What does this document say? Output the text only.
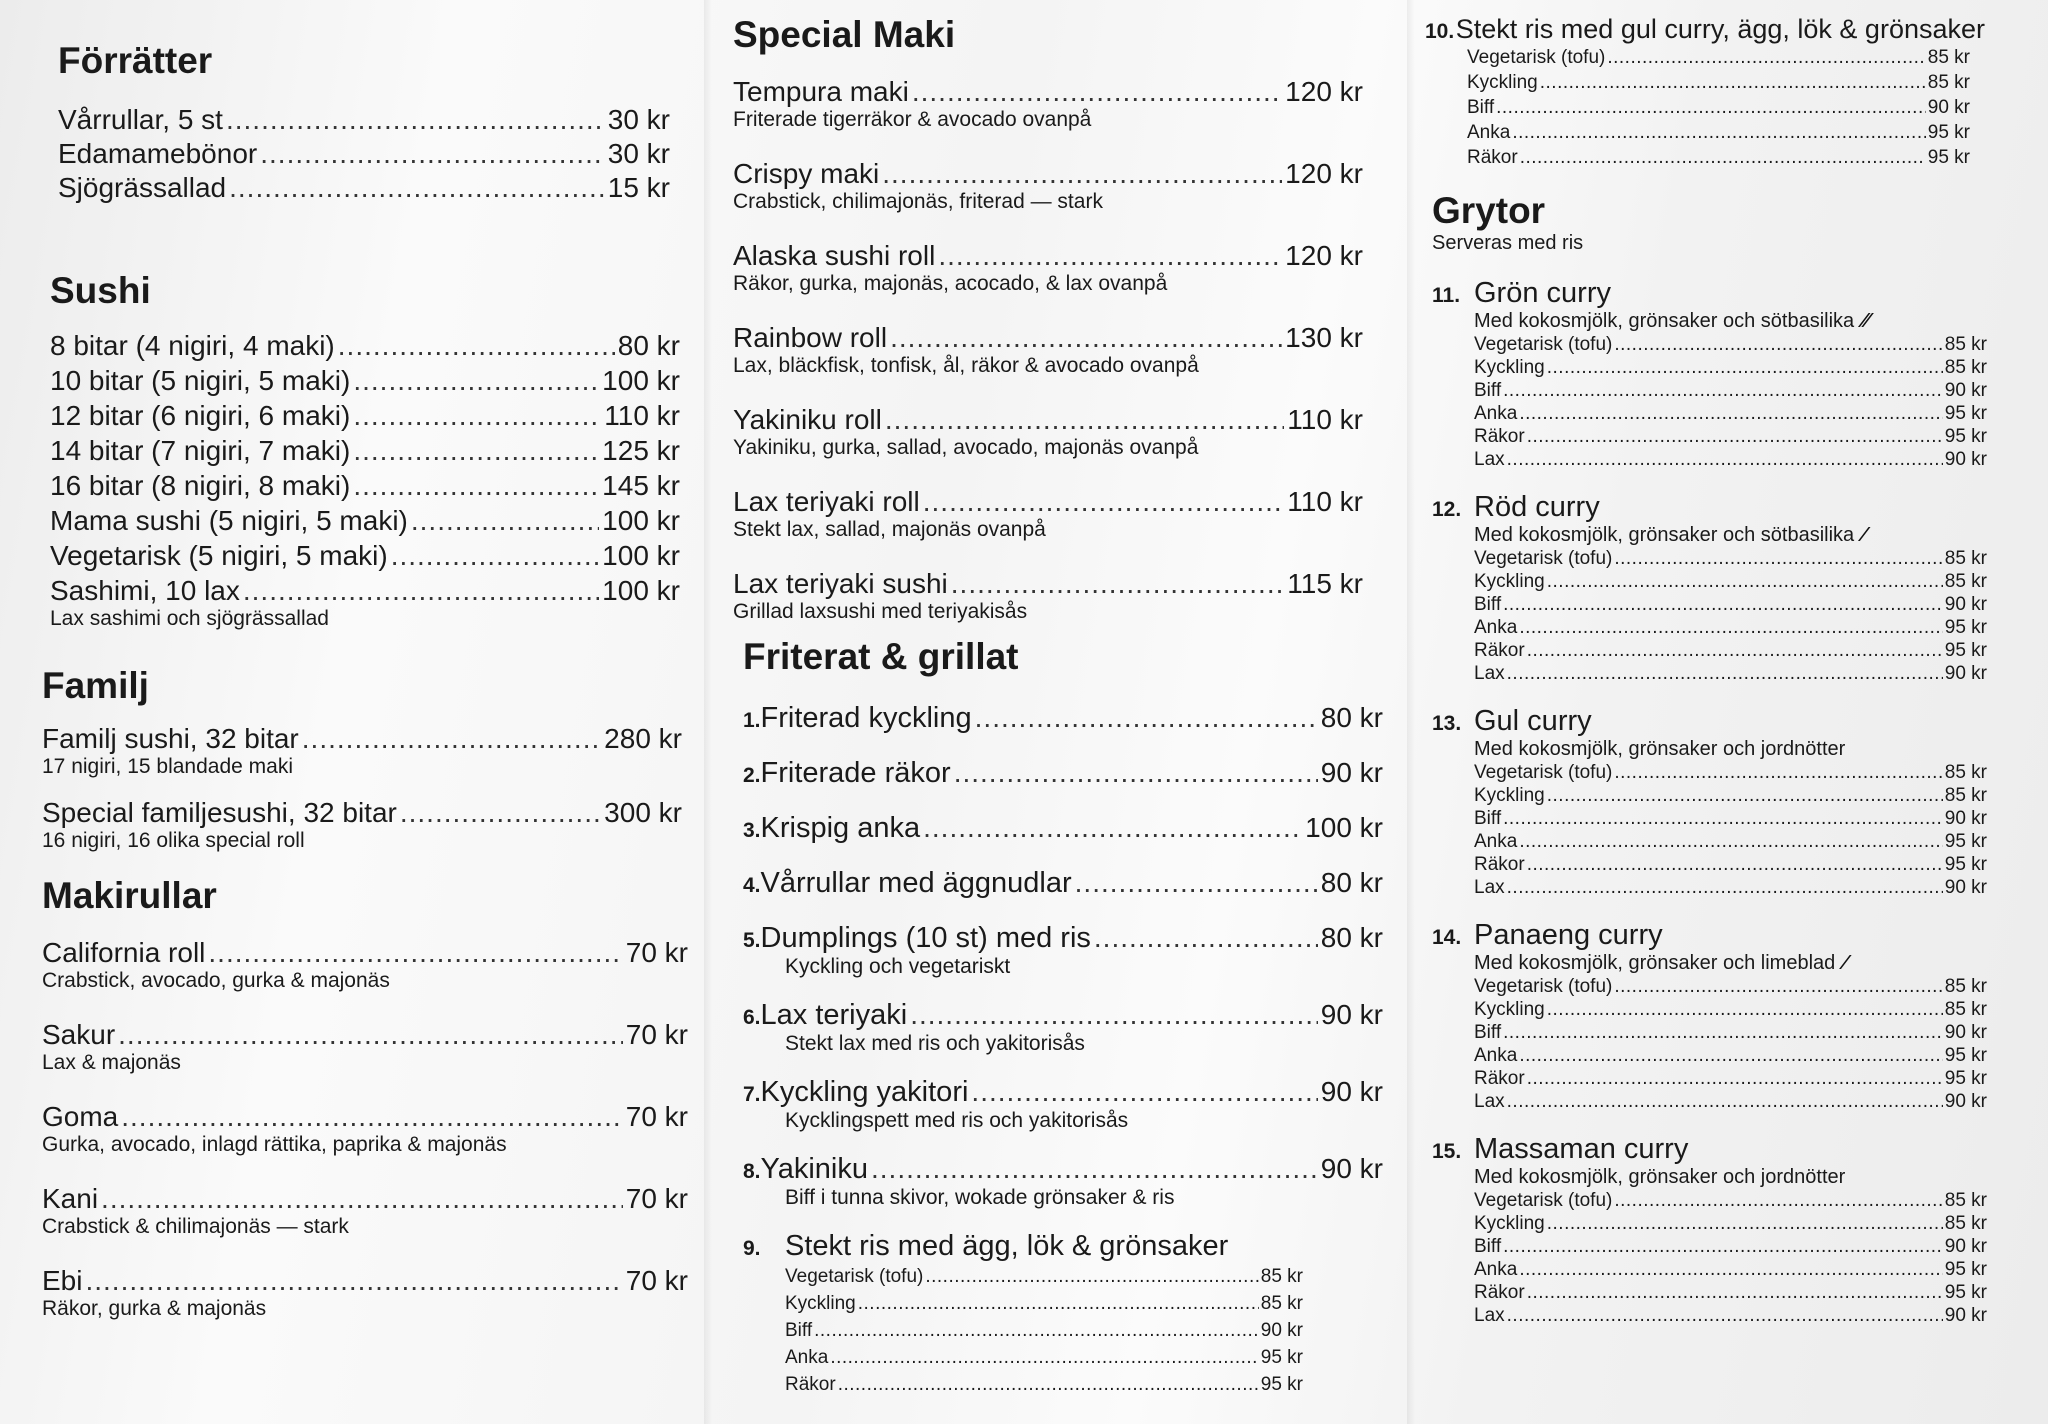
Förrätter
Vårrullar, 5 st .....	30 kr
Edamamebönor .....	30 kr
Sjögrässallad .....	15 kr
Sushi
8 bitar (4 nigiri, 4 maki) .....	80 kr
10 bitar (5 nigiri, 5 maki) .....	100 kr
12 bitar (6 nigiri, 6 maki) .....	110 kr
14 bitar (7 nigiri, 7 maki) .....	125 kr
16 bitar (8 nigiri, 8 maki) .....	145 kr
Mama sushi (5 nigiri, 5 maki) .....	100 kr
Vegetarisk (5 nigiri, 5 maki) .....	100 kr
Sashimi, 10 lax .....	100 kr
Lax sashimi och sjögrässallad
Familj
Familj sushi, 32 bitar .....	280 kr
17 nigiri, 15 blandade maki
Special familjesushi, 32 bitar .....	300 kr
16 nigiri, 16 olika special roll
Makirullar
California roll .....	70 kr
Crabstick, avocado, gurka & majonäs
Sakur .....	70 kr
Lax & majonäs
Goma .....	70 kr
Gurka, avocado, inlagd rättika, paprika & majonäs
Kani .....	70 kr
Crabstick & chilimajonäs — stark
Ebi .....	70 kr
Räkor, gurka & majonäs
Special Maki
Tempura maki .....	120 kr
Friterade tigerräkor & avocado ovanpå
Crispy maki .....	120 kr
Crabstick, chilimajonäs, friterad — stark
Alaska sushi roll .....	120 kr
Räkor, gurka, majonäs, acocado, & lax ovanpå
Rainbow roll .....	130 kr
Lax, bläckfisk, tonfisk, ål, räkor & avocado ovanpå
Yakiniku roll .....	110 kr
Yakiniku, gurka, sallad, avocado, majonäs ovanpå
Lax teriyaki roll .....	110 kr
Stekt lax, sallad, majonäs ovanpå
Lax teriyaki sushi .....	115 kr
Grillad laxsushi med teriyakisås
Friterat & grillat
1. Friterad kyckling .....	80 kr
2. Friterade räkor .....	90 kr
3. Krispig anka .....	100 kr
4. Vårrullar med äggnudlar .....	80 kr
5. Dumplings (10 st) med ris .....	80 kr
Kyckling och vegetariskt
6. Lax teriyaki .....	90 kr
Stekt lax med ris och yakitorisås
7. Kyckling yakitori .....	90 kr
Kycklingspett med ris och yakitorisås
8. Yakiniku .....	90 kr
Biff i tunna skivor, wokade grönsaker & ris
9. Stekt ris med ägg, lök & grönsaker
Vegetarisk (tofu) .....	85 kr
Kyckling .....	85 kr
Biff .....	90 kr
Anka .....	95 kr
Räkor .....	95 kr
10. Stekt ris med gul curry, ägg, lök & grönsaker
Vegetarisk (tofu) .....	85 kr
Kyckling .....	85 kr
Biff .....	90 kr
Anka .....	95 kr
Räkor .....	95 kr
Grytor
Serveras med ris
11. Grön curry
Med kokosmjölk, grönsaker och sötbasilika ⁄⁄
Vegetarisk (tofu) .....	85 kr
Kyckling .....	85 kr
Biff .....	90 kr
Anka .....	95 kr
Räkor .....	95 kr
Lax .....	90 kr
12. Röd curry
Med kokosmjölk, grönsaker och sötbasilika ⁄
Vegetarisk (tofu) .....	85 kr
Kyckling .....	85 kr
Biff .....	90 kr
Anka .....	95 kr
Räkor .....	95 kr
Lax .....	90 kr
13. Gul curry
Med kokosmjölk, grönsaker och jordnötter
Vegetarisk (tofu) .....	85 kr
Kyckling .....	85 kr
Biff .....	90 kr
Anka .....	95 kr
Räkor .....	95 kr
Lax .....	90 kr
14. Panaeng curry
Med kokosmjölk, grönsaker och limeblad ⁄
Vegetarisk (tofu) .....	85 kr
Kyckling .....	85 kr
Biff .....	90 kr
Anka .....	95 kr
Räkor .....	95 kr
Lax .....	90 kr
15. Massaman curry
Med kokosmjölk, grönsaker och jordnötter
Vegetarisk (tofu) .....	85 kr
Kyckling .....	85 kr
Biff .....	90 kr
Anka .....	95 kr
Räkor .....	95 kr
Lax .....	90 kr
